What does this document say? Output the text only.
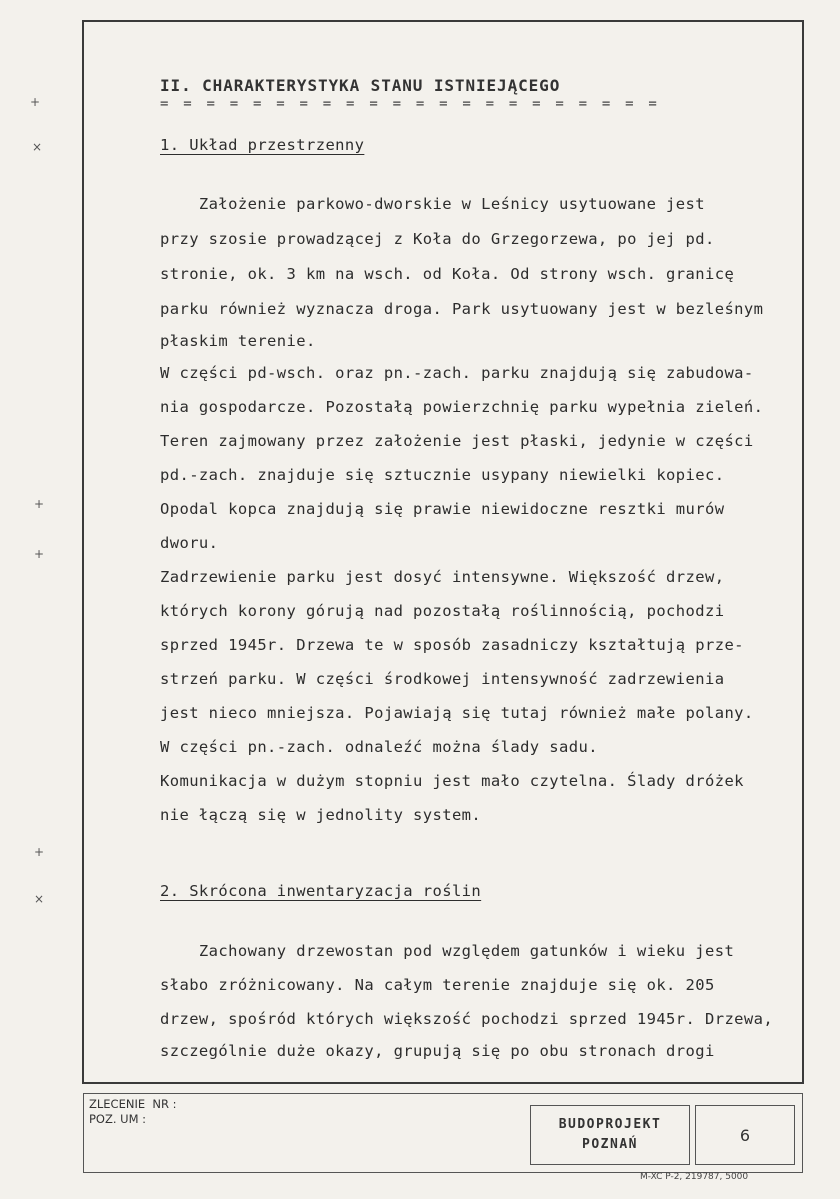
+
×
+
+
+
×
II. CHARAKTERYSTYKA STANU ISTNIEJĄCEGO
= = = = = = = = = = = = = = = = = = = = = =
1. Układ przestrzenny
Założenie parkowo-dworskie w Leśnicy usytuowane jest
przy szosie prowadzącej z Koła do Grzegorzewa, po jej pd.
stronie, ok. 3 km na wsch. od Koła. Od strony wsch. granicę
parku również wyznacza droga. Park usytuowany jest w bezleśnym
płaskim terenie.
W części pd-wsch. oraz pn.-zach. parku znajdują się zabudowa-
nia gospodarcze. Pozostałą powierzchnię parku wypełnia zieleń.
Teren zajmowany przez założenie jest płaski, jedynie w części
pd.-zach. znajduje się sztucznie usypany niewielki kopiec.
Opodal kopca znajdują się prawie niewidoczne resztki murów
dworu.
Zadrzewienie parku jest dosyć intensywne. Większość drzew,
których korony górują nad pozostałą roślinnością, pochodzi
sprzed 1945r. Drzewa te w sposób zasadniczy kształtują prze-
strzeń parku. W części środkowej intensywność zadrzewienia
jest nieco mniejsza. Pojawiają się tutaj również małe polany.
W części pn.-zach. odnaleźć można ślady sadu.
Komunikacja w dużym stopniu jest mało czytelna. Ślady dróżek
nie łączą się w jednolity system.
2. Skrócona inwentaryzacja roślin
Zachowany drzewostan pod względem gatunków i wieku jest
słabo zróżnicowany. Na całym terenie znajduje się ok. 205
drzew, spośród których większość pochodzi sprzed 1945r. Drzewa,
szczególnie duże okazy, grupują się po obu stronach drogi
ZLECENIE  NR :
POZ. UM :	BUDOPROJEKT
POZNAŃ	6
M-XC P-2, 219787, 5000
